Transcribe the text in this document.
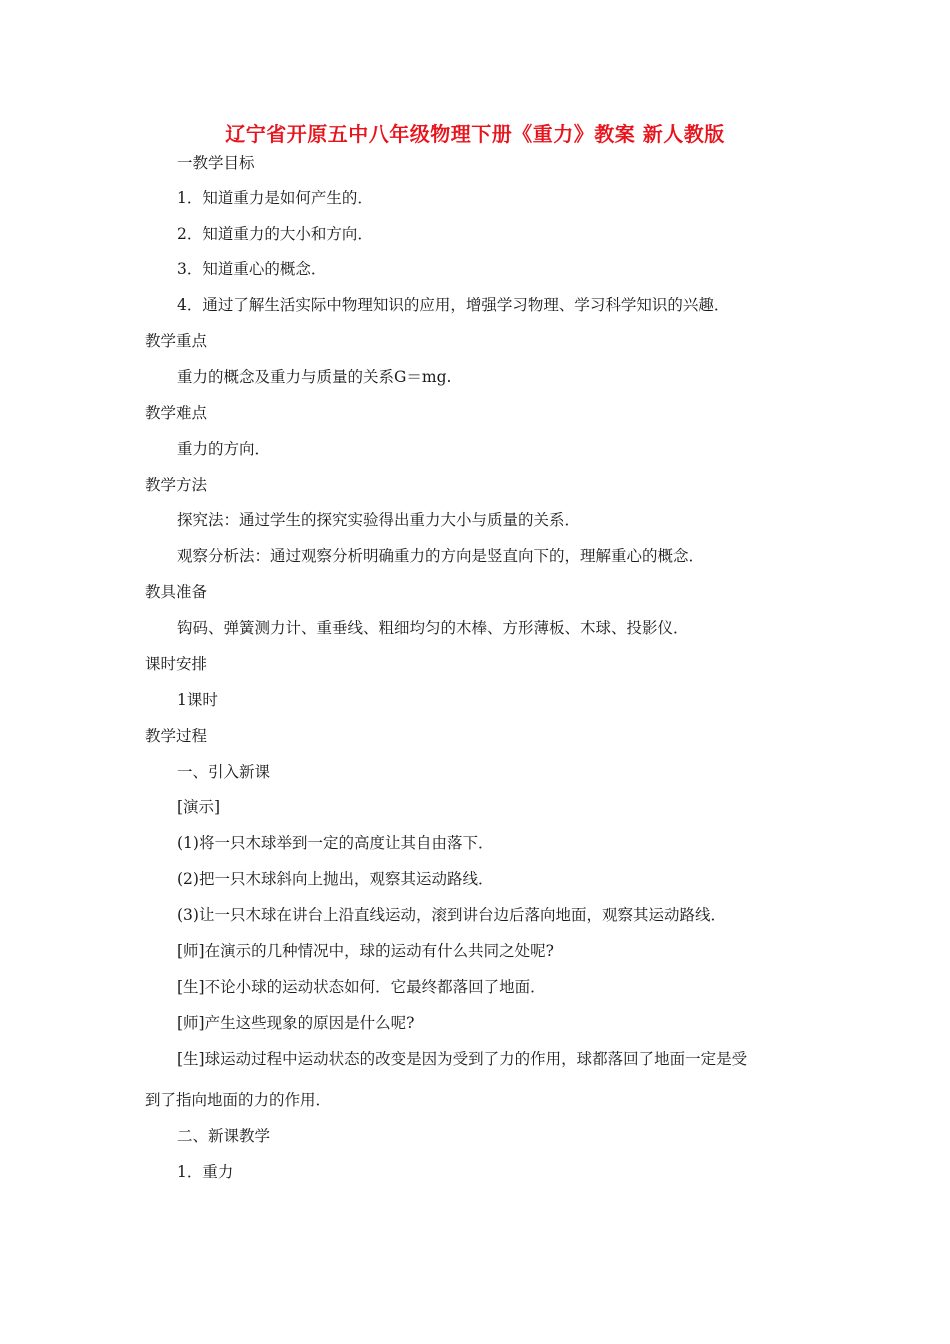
辽宁省开原五中八年级物理下册《重力》教案 新人教版
一教学目标
1．知道重力是如何产生的．
2．知道重力的大小和方向．
3．知道重心的概念．
4．通过了解生活实际中物理知识的应用，增强学习物理、学习科学知识的兴趣．
教学重点
重力的概念及重力与质量的关系G＝mg.
教学难点
重力的方向．
教学方法
探究法：通过学生的探究实验得出重力大小与质量的关系．
观察分析法：通过观察分析明确重力的方向是竖直向下的，理解重心的概念．
教具准备
钩码、弹簧测力计、重垂线、粗细均匀的木棒、方形薄板、木球、投影仪．
课时安排
1课时
教学过程
一、引入新课
[演示]
(1)将一只木球举到一定的高度让其自由落下．
(2)把一只木球斜向上抛出，观察其运动路线．
(3)让一只木球在讲台上沿直线运动，滚到讲台边后落向地面，观察其运动路线．
[师]在演示的几种情况中，球的运动有什么共同之处呢?
[生]不论小球的运动状态如何．它最终都落回了地面．
[师]产生这些现象的原因是什么呢?
[生]球运动过程中运动状态的改变是因为受到了力的作用，球都落回了地面一定是受
到了指向地面的力的作用．
二、新课教学
1．重力
